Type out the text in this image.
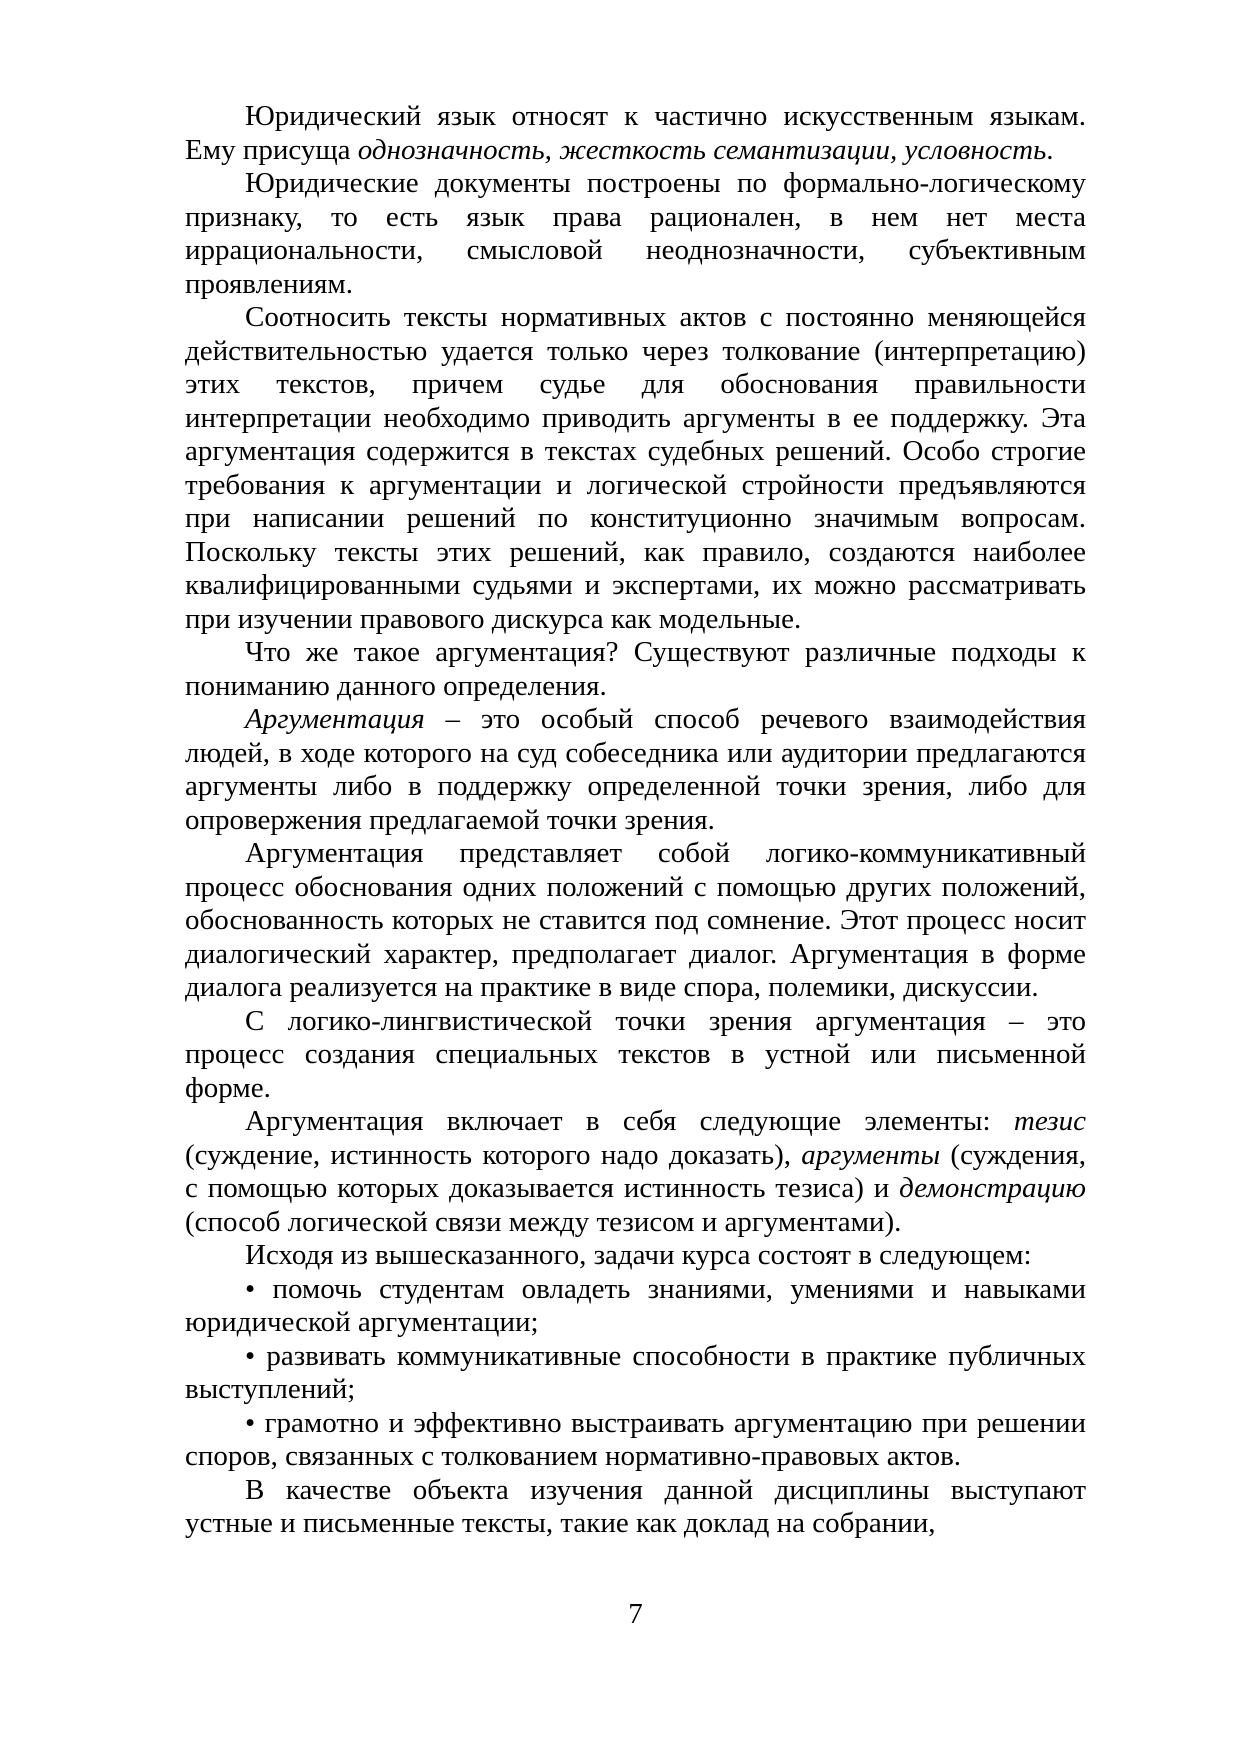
Юридический язык относят к частично искусственным языкам. Ему присуща однозначность, жесткость семантизации, условность.

Юридические документы построены по формально-логическому признаку, то есть язык права рационален, в нем нет места иррациональности, смысловой неоднозначности, субъективным проявлениям.

Соотносить тексты нормативных актов с постоянно меняющейся действительностью удается только через толкование (интерпретацию) этих текстов, причем судье для обоснования правильности интерпретации необходимо приводить аргументы в ее поддержку. Эта аргументация содержится в текстах судебных решений. Особо строгие требования к аргументации и логической стройности предъявляются при написании решений по конституционно значимым вопросам. Поскольку тексты этих решений, как правило, создаются наиболее квалифицированными судьями и экспертами, их можно рассматривать при изучении правового дискурса как модельные.

Что же такое аргументация? Существуют различные подходы к пониманию данного определения.

Аргументация – это особый способ речевого взаимодействия людей, в ходе которого на суд собеседника или аудитории предлагаются аргументы либо в поддержку определенной точки зрения, либо для опровержения предлагаемой точки зрения.

Аргументация представляет собой логико-коммуникативный процесс обоснования одних положений с помощью других положений, обоснованность которых не ставится под сомнение. Этот процесс носит диалогический характер, предполагает диалог. Аргументация в форме диалога реализуется на практике в виде спора, полемики, дискуссии.

С логико-лингвистической точки зрения аргументация – это процесс создания специальных текстов в устной или письменной форме.

Аргументация включает в себя следующие элементы: тезис (суждение, истинность которого надо доказать), аргументы (суждения, с помощью которых доказывается истинность тезиса) и демонстрацию (способ логической связи между тезисом и аргументами).

Исходя из вышесказанного, задачи курса состоят в следующем:

• помочь студентам овладеть знаниями, умениями и навыками юридической аргументации;

• развивать коммуникативные способности в практике публичных выступлений;

• грамотно и эффективно выстраивать аргументацию при решении споров, связанных с толкованием нормативно-правовых актов.

В качестве объекта изучения данной дисциплины выступают устные и письменные тексты, такие как доклад на собрании,

7
